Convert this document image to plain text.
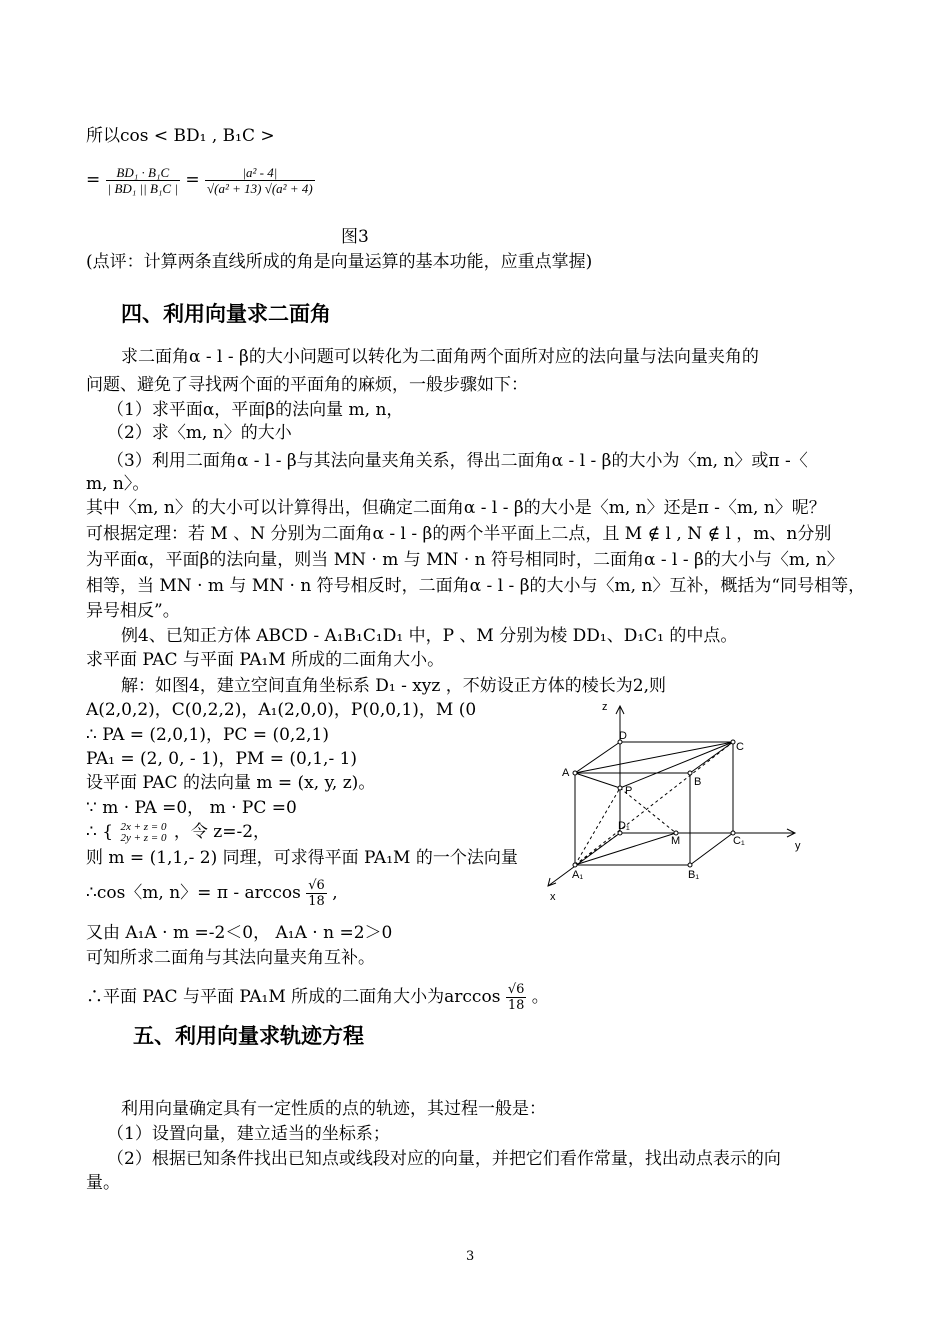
所以cos < BD₁ , B₁C >
= $\frac{\text{BD₁ · B₁C}}{\text{| BD₁ || B₁C |}} = \frac{\text{|a² - 4|}}{\text{√(a² + 13) √(a² + 4)}}$
图3
(点评：计算两条直线所成的角是向量运算的基本功能，应重点掌握)
四、利用向量求二面角
求二面角α - l - β的大小问题可以转化为二面角两个面所对应的法向量与法向量夹角的
问题、避免了寻找两个面的平面角的麻烦，一般步骤如下：
（1）求平面α，平面β的法向量 m, n，
（2）求〈m, n〉的大小
（3）利用二面角α - l - β与其法向量夹角关系，得出二面角α - l - β的大小为〈m, n〉或π -〈
m, n〉。
其中〈m, n〉的大小可以计算得出，但确定二面角α - l - β的大小是〈m, n〉还是π -〈m, n〉呢？
可根据定理：若 M 、N 分别为二面角α - l - β的两个半平面上二点，且 M ∉ l , N ∉ l ，m、n分别
为平面α，平面β的法向量，则当 MN · m 与 MN · n 符号相同时，二面角α - l - β的大小与〈m, n〉
相等，当 MN · m 与 MN · n 符号相反时，二面角α - l - β的大小与〈m, n〉互补，概括为“同号相等，
异号相反”。
例4、已知正方体 ABCD - A₁B₁C₁D₁ 中，P 、M 分别为棱 DD₁、D₁C₁ 的中点。
求平面 PAC 与平面 PA₁M 所成的二面角大小。
解：如图4，建立空间直角坐标系 D₁ - xyz ，不妨设正方体的棱长为2,则
A(2,0,2)，C(0,2,2)，A₁(2,0,0)，P(0,0,1)，M (0
∴ PA = (2,0,1)，PC = (0,2,1)
PA₁ = (2, 0, - 1)，PM = (0,1,- 1)
设平面 PAC 的法向量 m = (x, y, z)。
∵ m · PA =0， m · PC =0
∴ { 2x + z = 0
2y + z = 0 ，令 z=-2，
则 m = (1,1,- 2) 同理，可求得平面 PA₁M 的一个法向量
∴cos〈m, n〉= π - $\arccos \frac{√6}{18}$ ,
又由 A₁A · m =-2＜0， A₁A · n =2＞0
可知所求二面角与其法向量夹角互补。
∴平面 PAC 与平面 PA₁M 所成的二面角大小为$\arccos \frac{√6}{18}$ 。
五、利用向量求轨迹方程
利用向量确定具有一定性质的点的轨迹，其过程一般是：
（1）设置向量，建立适当的坐标系；
（2）根据已知条件找出已知点或线段对应的向量，并把它们看作常量，找出动点表示的向
量。
z
y
x
D
C
A
B
P
D₁
M	C₁
A₁	B₁
3
